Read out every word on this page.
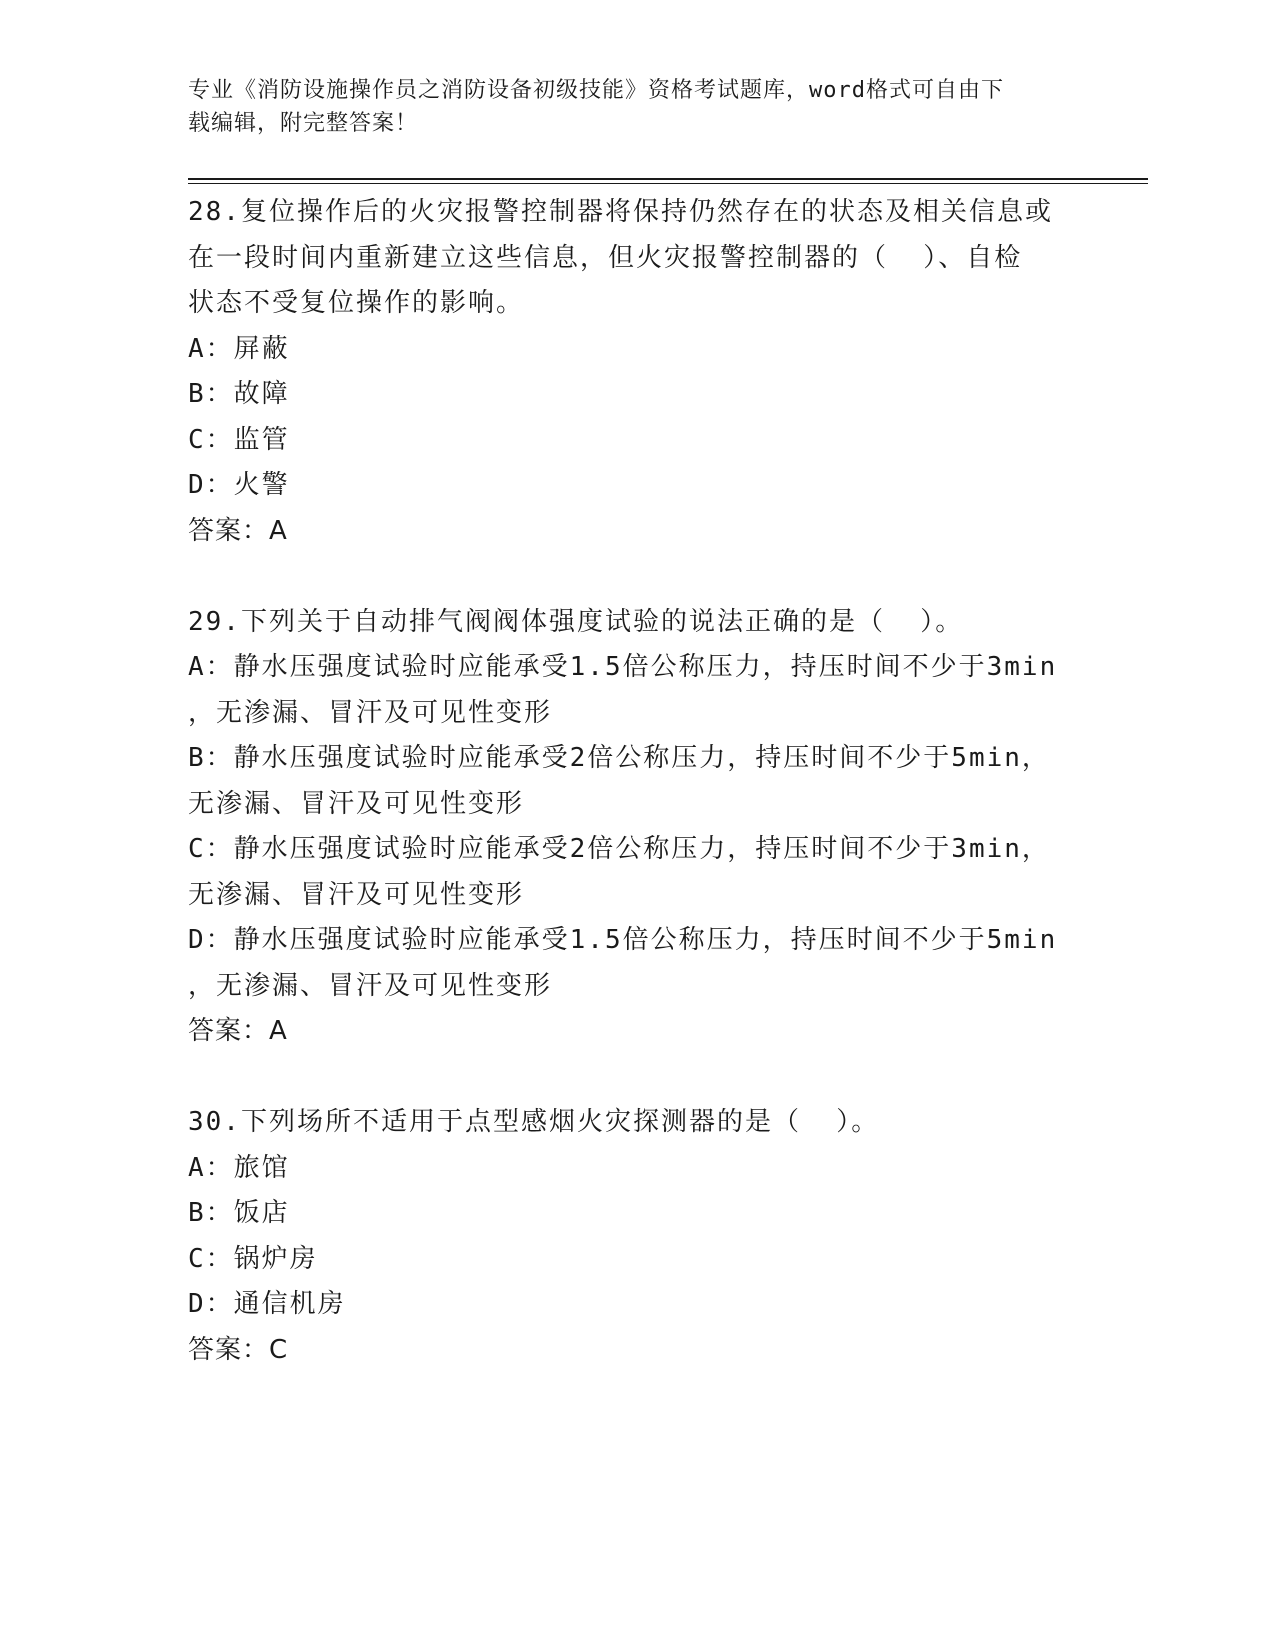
专业《消防设施操作员之消防设备初级技能》资格考试题库，word格式可自由下
载编辑，附完整答案！
28.复位操作后的火灾报警控制器将保持仍然存在的状态及相关信息或
在一段时间内重新建立这些信息，但火灾报警控制器的（  ）、自检
状态不受复位操作的影响。
A：屏蔽
B：故障
C：监管
D：火警
答案：A
29.下列关于自动排气阀阀体强度试验的说法正确的是（  ）。
A：静水压强度试验时应能承受1.5倍公称压力，持压时间不少于3min
，无渗漏、冒汗及可见性变形
B：静水压强度试验时应能承受2倍公称压力，持压时间不少于5min，
无渗漏、冒汗及可见性变形
C：静水压强度试验时应能承受2倍公称压力，持压时间不少于3min，
无渗漏、冒汗及可见性变形
D：静水压强度试验时应能承受1.5倍公称压力，持压时间不少于5min
，无渗漏、冒汗及可见性变形
答案：A
30.下列场所不适用于点型感烟火灾探测器的是（  ）。
A：旅馆
B：饭店
C：锅炉房
D：通信机房
答案：C
